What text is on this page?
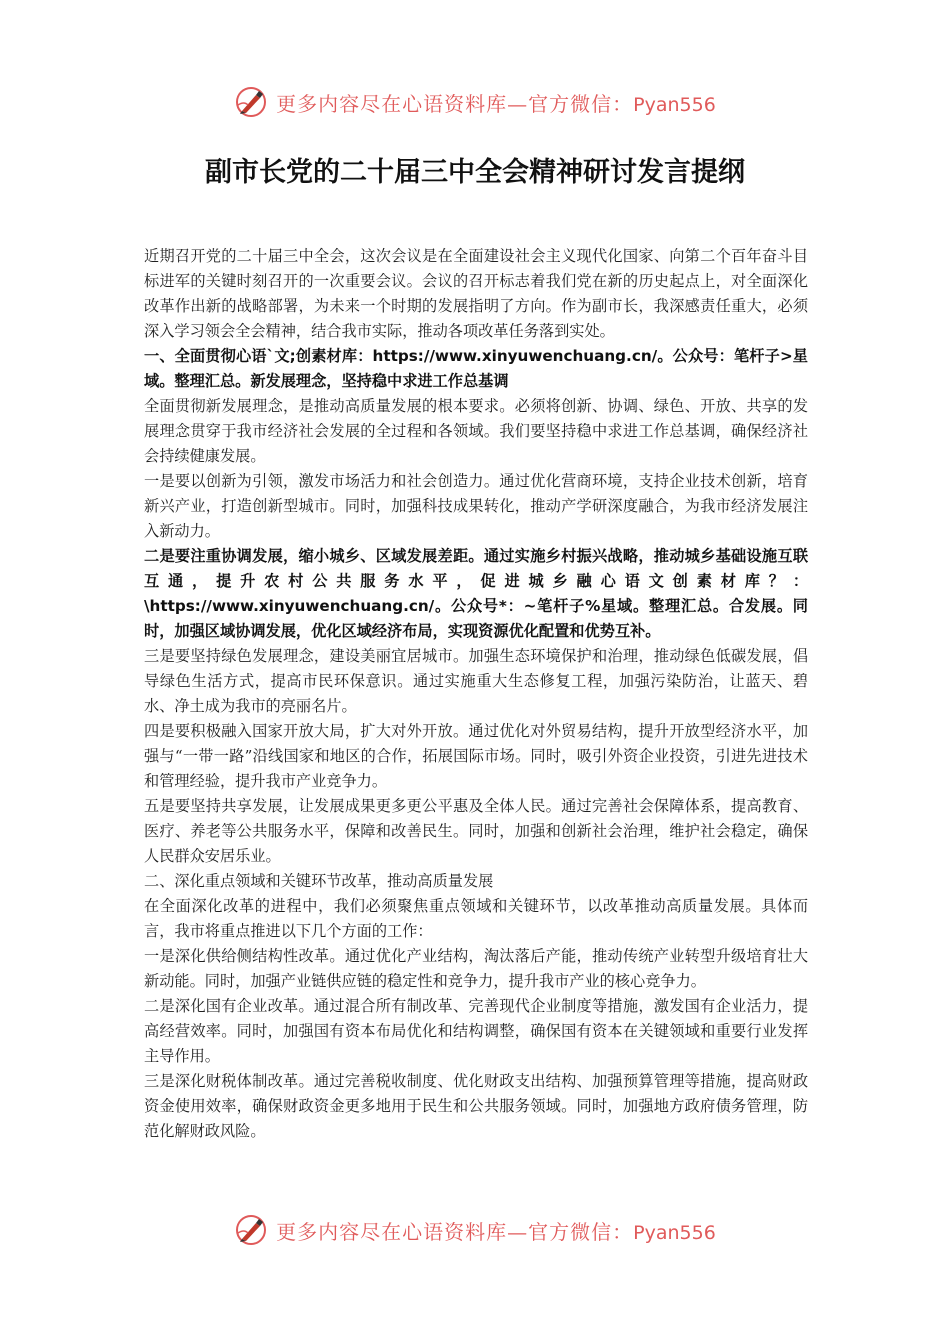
更多内容尽在心语资料库—官方微信：Pyan556
副市长党的二十届三中全会精神研讨发言提纲

近期召开党的二十届三中全会，这次会议是在全面建设社会主义现代化国家、向第二个百年奋斗目标进军的关键时刻召开的一次重要会议。会议的召开标志着我们党在新的历史起点上，对全面深化改革作出新的战略部署，为未来一个时期的发展指明了方向。作为副市长，我深感责任重大，必须深入学习领会全会精神，结合我市实际，推动各项改革任务落到实处。

一、全面贯彻心语`文;创素材库：https://www.xinyuwenchuang.cn/。公众号：笔杆子>星域。整理汇总。新发展理念，坚持稳中求进工作总基调

全面贯彻新发展理念，是推动高质量发展的根本要求。必须将创新、协调、绿色、开放、共享的发展理念贯穿于我市经济社会发展的全过程和各领域。我们要坚持稳中求进工作总基调，确保经济社会持续健康发展。

一是要以创新为引领，激发市场活力和社会创造力。通过优化营商环境，支持企业技术创新，培育新兴产业，打造创新型城市。同时，加强科技成果转化，推动产学研深度融合，为我市经济发展注入新动力。

二是要注重协调发展，缩小城乡、区域发展差距。通过实施乡村振兴战略，推动城乡基础设施互联互通，提升农村公共服务水平，促进城乡融心语文创素材库？：\https://www.xinyuwenchuang.cn/。公众号*：~笔杆子%星域。整理汇总。合发展。同时，加强区域协调发展，优化区域经济布局，实现资源优化配置和优势互补。

三是要坚持绿色发展理念，建设美丽宜居城市。加强生态环境保护和治理，推动绿色低碳发展，倡导绿色生活方式，提高市民环保意识。通过实施重大生态修复工程，加强污染防治，让蓝天、碧水、净土成为我市的亮丽名片。

四是要积极融入国家开放大局，扩大对外开放。通过优化对外贸易结构，提升开放型经济水平，加强与“一带一路”沿线国家和地区的合作，拓展国际市场。同时，吸引外资企业投资，引进先进技术和管理经验，提升我市产业竞争力。

五是要坚持共享发展，让发展成果更多更公平惠及全体人民。通过完善社会保障体系，提高教育、医疗、养老等公共服务水平，保障和改善民生。同时，加强和创新社会治理，维护社会稳定，确保人民群众安居乐业。

二、深化重点领域和关键环节改革，推动高质量发展

在全面深化改革的进程中，我们必须聚焦重点领域和关键环节，以改革推动高质量发展。具体而言，我市将重点推进以下几个方面的工作：

一是深化供给侧结构性改革。通过优化产业结构，淘汰落后产能，推动传统产业转型升级培育壮大新动能。同时，加强产业链供应链的稳定性和竞争力，提升我市产业的核心竞争力。

二是深化国有企业改革。通过混合所有制改革、完善现代企业制度等措施，激发国有企业活力，提高经营效率。同时，加强国有资本布局优化和结构调整，确保国有资本在关键领域和重要行业发挥主导作用。

三是深化财税体制改革。通过完善税收制度、优化财政支出结构、加强预算管理等措施，提高财政资金使用效率，确保财政资金更多地用于民生和公共服务领域。同时，加强地方政府债务管理，防范化解财政风险。

更多内容尽在心语资料库—官方微信：Pyan556
